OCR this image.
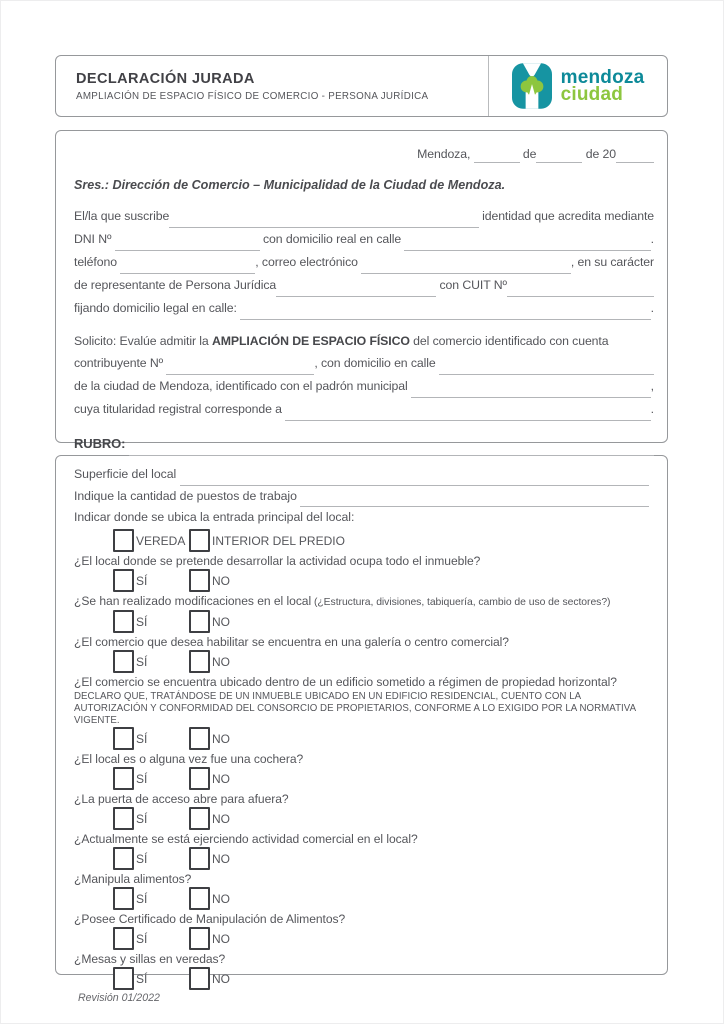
DECLARACIÓN JURADA
AMPLIACIÓN DE ESPACIO FÍSICO DE COMERCIO - PERSONA JURÍDICA
mendoza
ciudad
Mendoza,	de	de 20
Sres.: Dirección de Comercio – Municipalidad de la Ciudad de Mendoza.
El/la que suscribe	identidad que acredita mediante
DNI Nº	con domicilio real en calle	.
teléfono	, correo electrónico	, en su carácter
de representante de Persona Jurídica	con CUIT Nº
fijando domicilio legal en calle:	.
Solicito: Evalúe admitir la AMPLIACIÓN DE ESPACIO FÍSICO del comercio identificado con cuenta
contribuyente Nº	, con domicilio en calle
de la ciudad de Mendoza, identificado con el padrón municipal	,
cuya titularidad registral corresponde a	.
RUBRO:
Superficie del local
Indique la cantidad de puestos de trabajo
Indicar donde se ubica la entrada principal del local:
VEREDA INTERIOR DEL PREDIO
¿El local donde se pretende desarrollar la actividad ocupa todo el inmueble?
SÍ	NO
¿Se han realizado modificaciones en el local (¿Estructura, divisiones, tabiquería, cambio de uso de sectores?)
SÍ	NO
¿El comercio que desea habilitar se encuentra en una galería o centro comercial?
SÍ	NO
¿El comercio se encuentra ubicado dentro de un edificio sometido a régimen de propiedad horizontal?
DECLARO QUE, TRATÁNDOSE DE UN INMUEBLE UBICADO EN UN EDIFICIO RESIDENCIAL, CUENTO CON LA AUTORIZACIÓN Y CONFORMIDAD DEL CONSORCIO DE PROPIETARIOS, CONFORME A LO EXIGIDO POR LA NORMATIVA VIGENTE.
SÍ	NO
¿El local es o alguna vez fue una cochera?
SÍ	NO
¿La puerta de acceso abre para afuera?
SÍ	NO
¿Actualmente se está ejerciendo actividad comercial en el local?
SÍ	NO
¿Manipula alimentos?
SÍ	NO
¿Posee Certificado de Manipulación de Alimentos?
SÍ	NO
¿Mesas y sillas en veredas?
SÍ	NO
Revisión 01/2022
